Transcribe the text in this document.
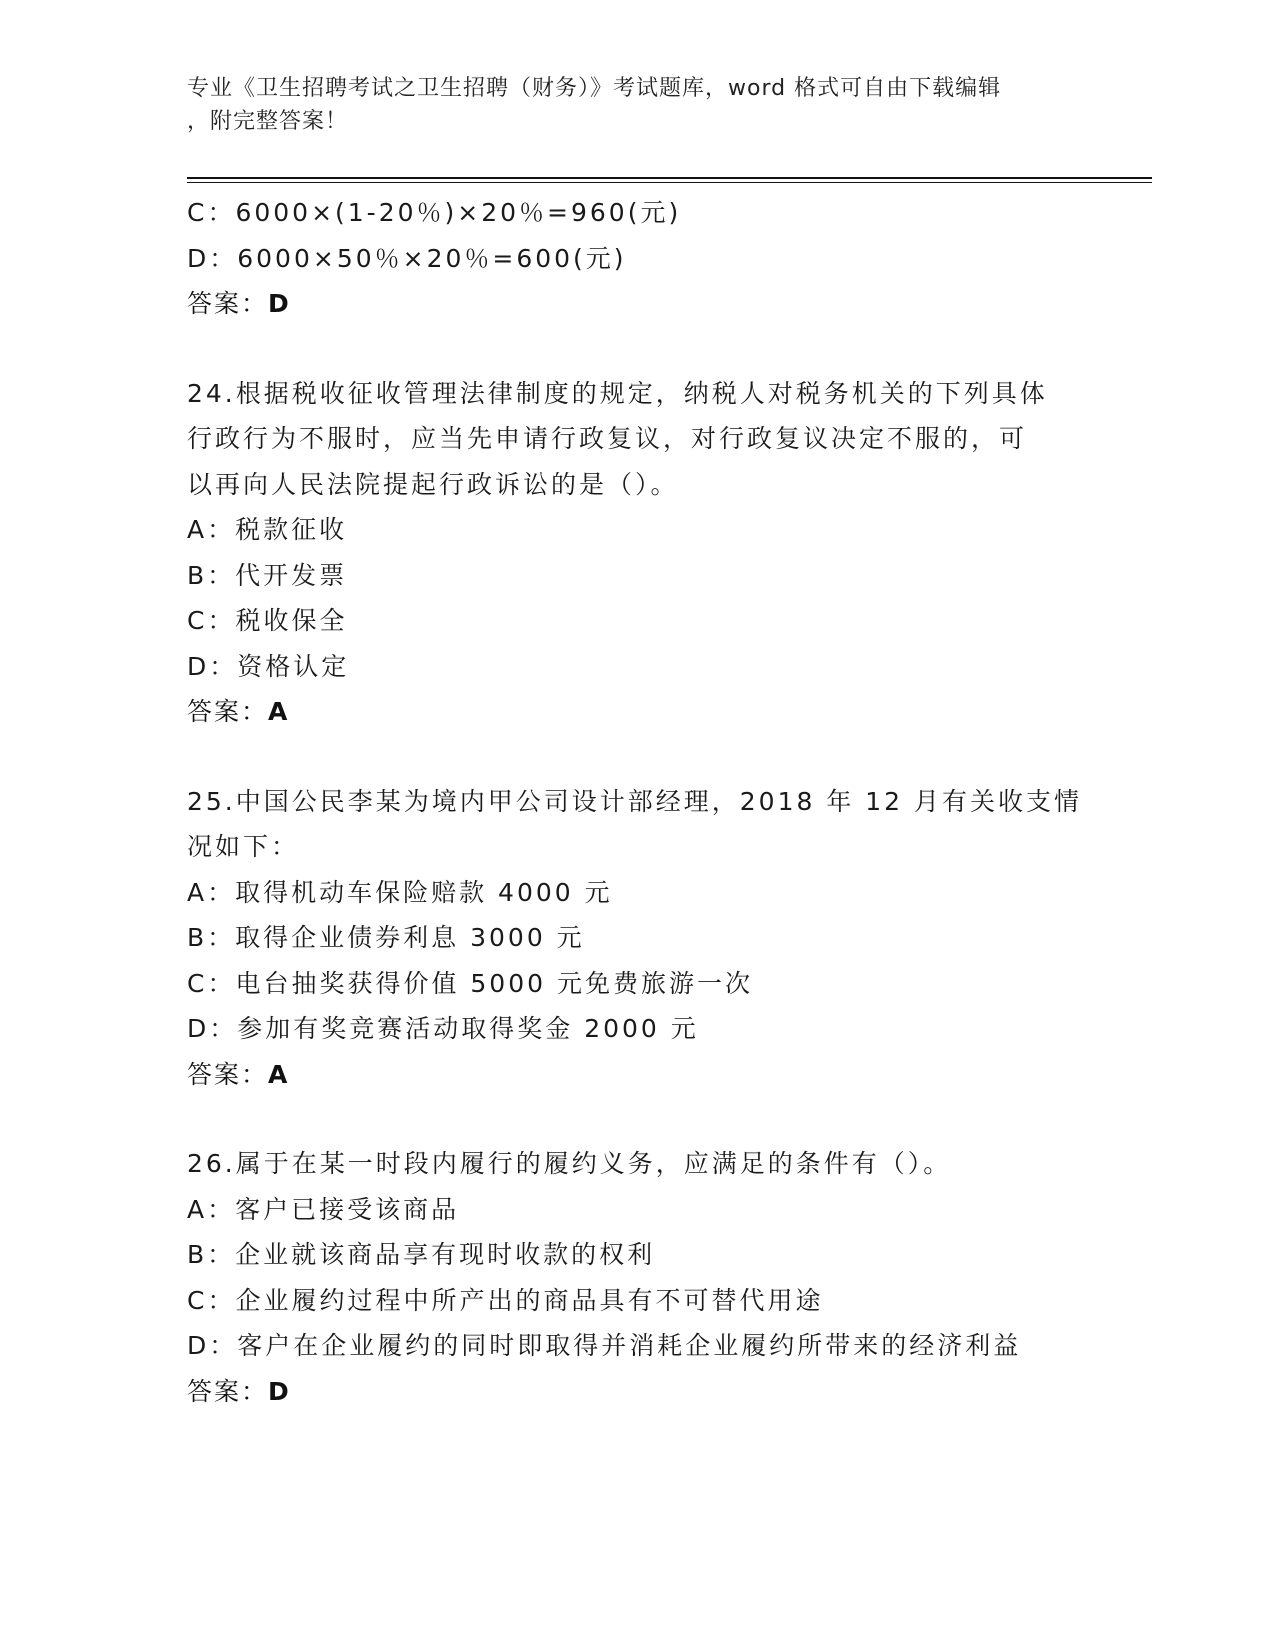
专业《卫生招聘考试之卫生招聘（财务）》考试题库，word 格式可自由下载编辑
，附完整答案！
C：6000×(1-20％)×20％=960(元)
D：6000×50％×20％=600(元)
答案：D
24.根据税收征收管理法律制度的规定，纳税人对税务机关的下列具体
行政行为不服时，应当先申请行政复议，对行政复议决定不服的，可
以再向人民法院提起行政诉讼的是（）。
A：税款征收
B：代开发票
C：税收保全
D：资格认定
答案：A
25.中国公民李某为境内甲公司设计部经理，2018 年 12 月有关收支情
况如下：
A：取得机动车保险赔款 4000 元
B：取得企业债券利息 3000 元
C：电台抽奖获得价值 5000 元免费旅游一次
D：参加有奖竞赛活动取得奖金 2000 元
答案：A
26.属于在某一时段内履行的履约义务，应满足的条件有（）。
A：客户已接受该商品
B：企业就该商品享有现时收款的权利
C：企业履约过程中所产出的商品具有不可替代用途
D：客户在企业履约的同时即取得并消耗企业履约所带来的经济利益
答案：D
